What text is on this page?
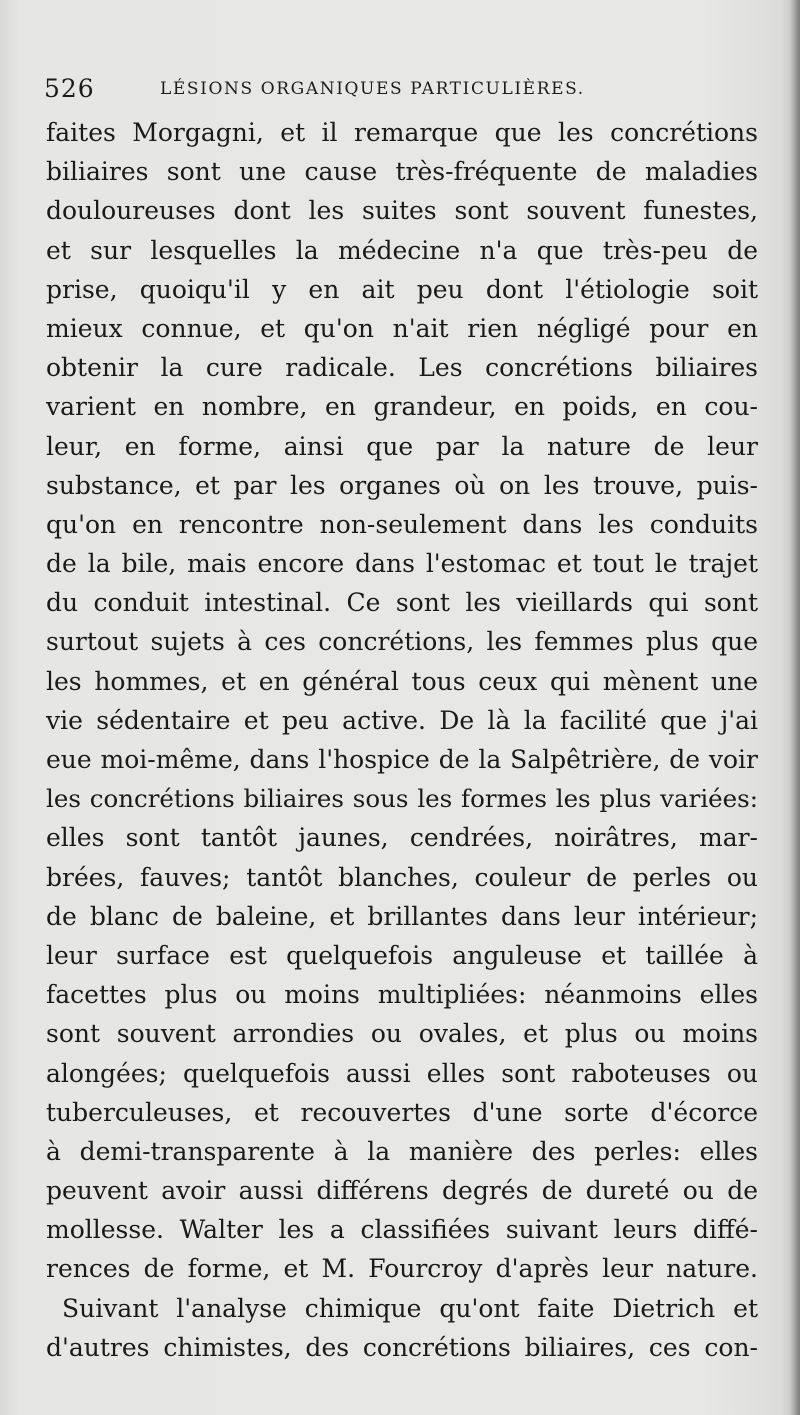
526	LÉSIONS ORGANIQUES PARTICULIÈRES.
faites Morgagni, et il remarque que les concrétions
biliaires sont une cause très-fréquente de maladies
douloureuses dont les suites sont souvent funestes,
et sur lesquelles la médecine n'a que très-peu de
prise, quoiqu'il y en ait peu dont l'étiologie soit
mieux connue, et qu'on n'ait rien négligé pour en
obtenir la cure radicale. Les concrétions biliaires
varient en nombre, en grandeur, en poids, en cou-
leur, en forme, ainsi que par la nature de leur
substance, et par les organes où on les trouve, puis-
qu'on en rencontre non-seulement dans les conduits
de la bile, mais encore dans l'estomac et tout le trajet
du conduit intestinal. Ce sont les vieillards qui sont
surtout sujets à ces concrétions, les femmes plus que
les hommes, et en général tous ceux qui mènent une
vie sédentaire et peu active. De là la facilité que j'ai
eue moi-même, dans l'hospice de la Salpêtrière, de voir
les concrétions biliaires sous les formes les plus variées:
elles sont tantôt jaunes, cendrées, noirâtres, mar-
brées, fauves; tantôt blanches, couleur de perles ou
de blanc de baleine, et brillantes dans leur intérieur;
leur surface est quelquefois anguleuse et taillée à
facettes plus ou moins multipliées: néanmoins elles
sont souvent arrondies ou ovales, et plus ou moins
alongées; quelquefois aussi elles sont raboteuses ou
tuberculeuses, et recouvertes d'une sorte d'écorce
à demi-transparente à la manière des perles: elles
peuvent avoir aussi différens degrés de dureté ou de
mollesse. Walter les a classifiées suivant leurs diffé-
rences de forme, et M. Fourcroy d'après leur nature.
Suivant l'analyse chimique qu'ont faite Dietrich et
d'autres chimistes, des concrétions biliaires, ces con-
